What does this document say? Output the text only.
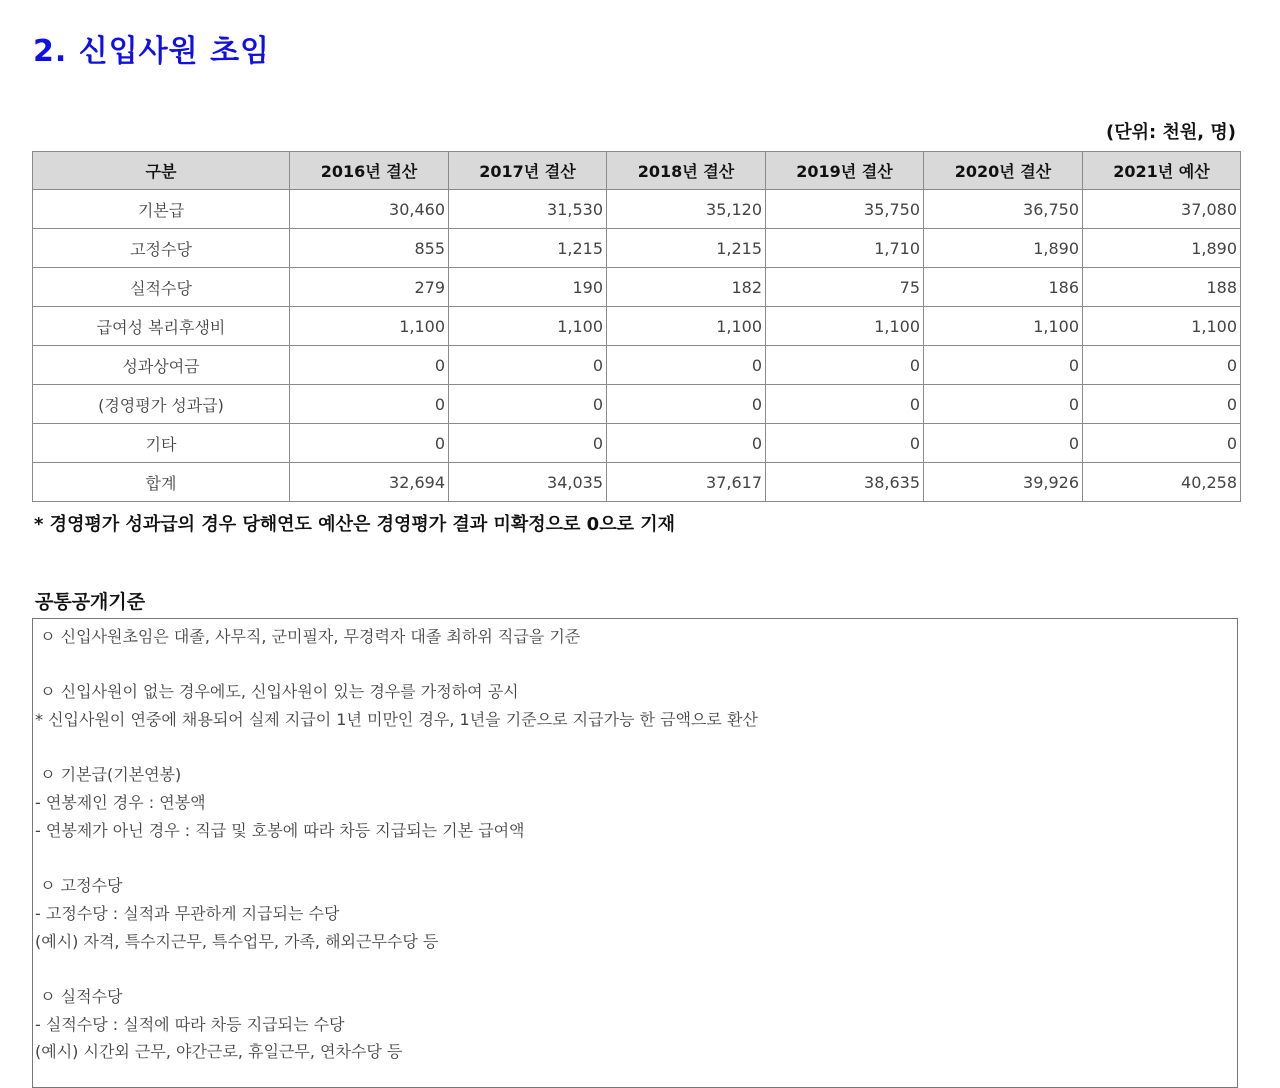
2. 신입사원 초임
(단위: 천원, 명)
구분	2016년 결산	2017년 결산	2018년 결산	2019년 결산	2020년 결산	2021년 예산
기본급	30,460	31,530	35,120	35,750	36,750	37,080
고정수당	855	1,215	1,215	1,710	1,890	1,890
실적수당	279	190	182	75	186	188
급여성 복리후생비	1,100	1,100	1,100	1,100	1,100	1,100
성과상여금	0	0	0	0	0	0
(경영평가 성과급)	0	0	0	0	0	0
기타	0	0	0	0	0	0
합계	32,694	34,035	37,617	38,635	39,926	40,258
* 경영평가 성과급의 경우 당해연도 예산은 경영평가 결과 미확정으로 0으로 기재
공통공개기준
ㅇ 신입사원초임은 대졸, 사무직, 군미필자, 무경력자 대졸 최하위 직급을 기준
ㅇ 신입사원이 없는 경우에도, 신입사원이 있는 경우를 가정하여 공시
* 신입사원이 연중에 채용되어 실제 지급이 1년 미만인 경우, 1년을 기준으로 지급가능 한 금액으로 환산
ㅇ 기본급(기본연봉)
- 연봉제인 경우 : 연봉액
- 연봉제가 아닌 경우 : 직급 및 호봉에 따라 차등 지급되는 기본 급여액
ㅇ 고정수당
- 고정수당 : 실적과 무관하게 지급되는 수당
(예시) 자격, 특수지근무, 특수업무, 가족, 해외근무수당 등
ㅇ 실적수당
- 실적수당 : 실적에 따라 차등 지급되는 수당
(예시) 시간외 근무, 야간근로, 휴일근무, 연차수당 등
